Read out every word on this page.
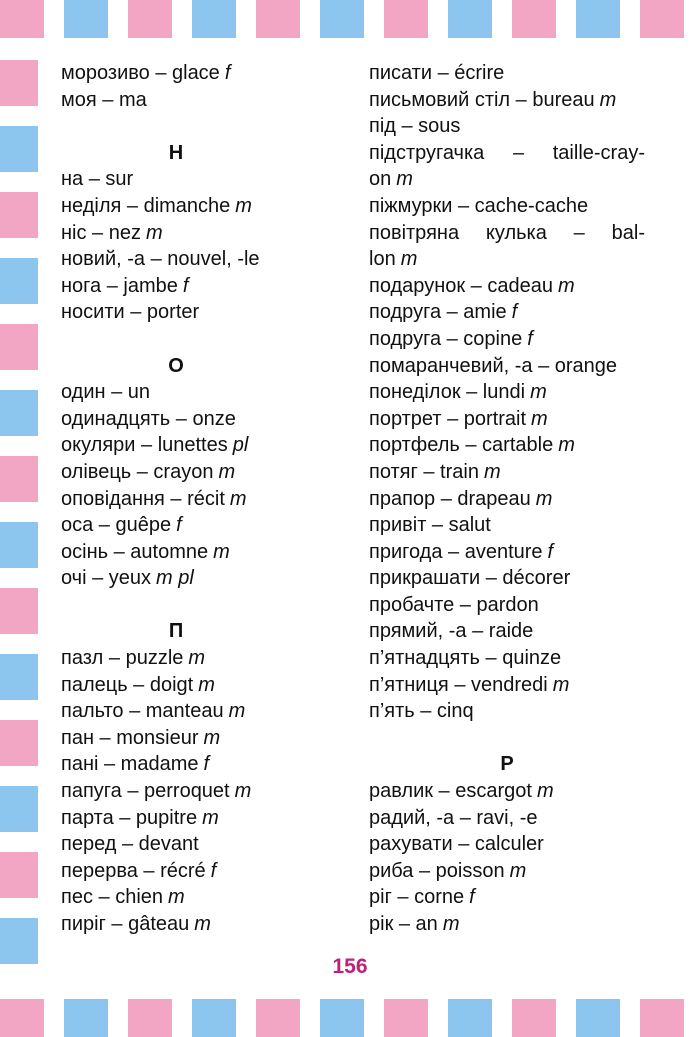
морозиво – glace f
моя – ma
Н
на – sur
неділя – dimanche m
ніс – nez m
новий, -а – nouvel, -le
нога – jambe f
носити – porter
О
один – un
одинадцять – onze
окуляри – lunettes pl
олівець – crayon m
оповідання – récit m
оса – guêpe f
осінь – automne m
очі – yeux m pl
П
пазл – puzzle m
палець – doigt m
пальто – manteau m
пан – monsieur m
пані – madame f
папуга – perroquet m
парта – pupitre m
перед – devant
перерва – récré f
пес – chien m
пиріг – gâteau m
писати – écrire
письмовий стіл – bureau m
під – sous
підстругачка – taille-cray-
on m
піжмурки – cache-cache
повітряна кулька – bal-
lon m
подарунок – cadeau m
подруга – amie f
подруга – copine f
помаранчевий, -а – orange
понеділок – lundi m
портрет – portrait m
портфель – cartable m
потяг – train m
прапор – drapeau m
привіт – salut
пригода – aventure f
прикрашати – décorer
пробачте – pardon
прямий, -а – raide
п’ятнадцять – quinze
п’ятниця – vendredi m
п’ять – cinq
Р
равлик – escargot m
радий, -а – ravi, -e
рахувати – calculer
риба – poisson m
ріг – corne f
рік – an m
156
